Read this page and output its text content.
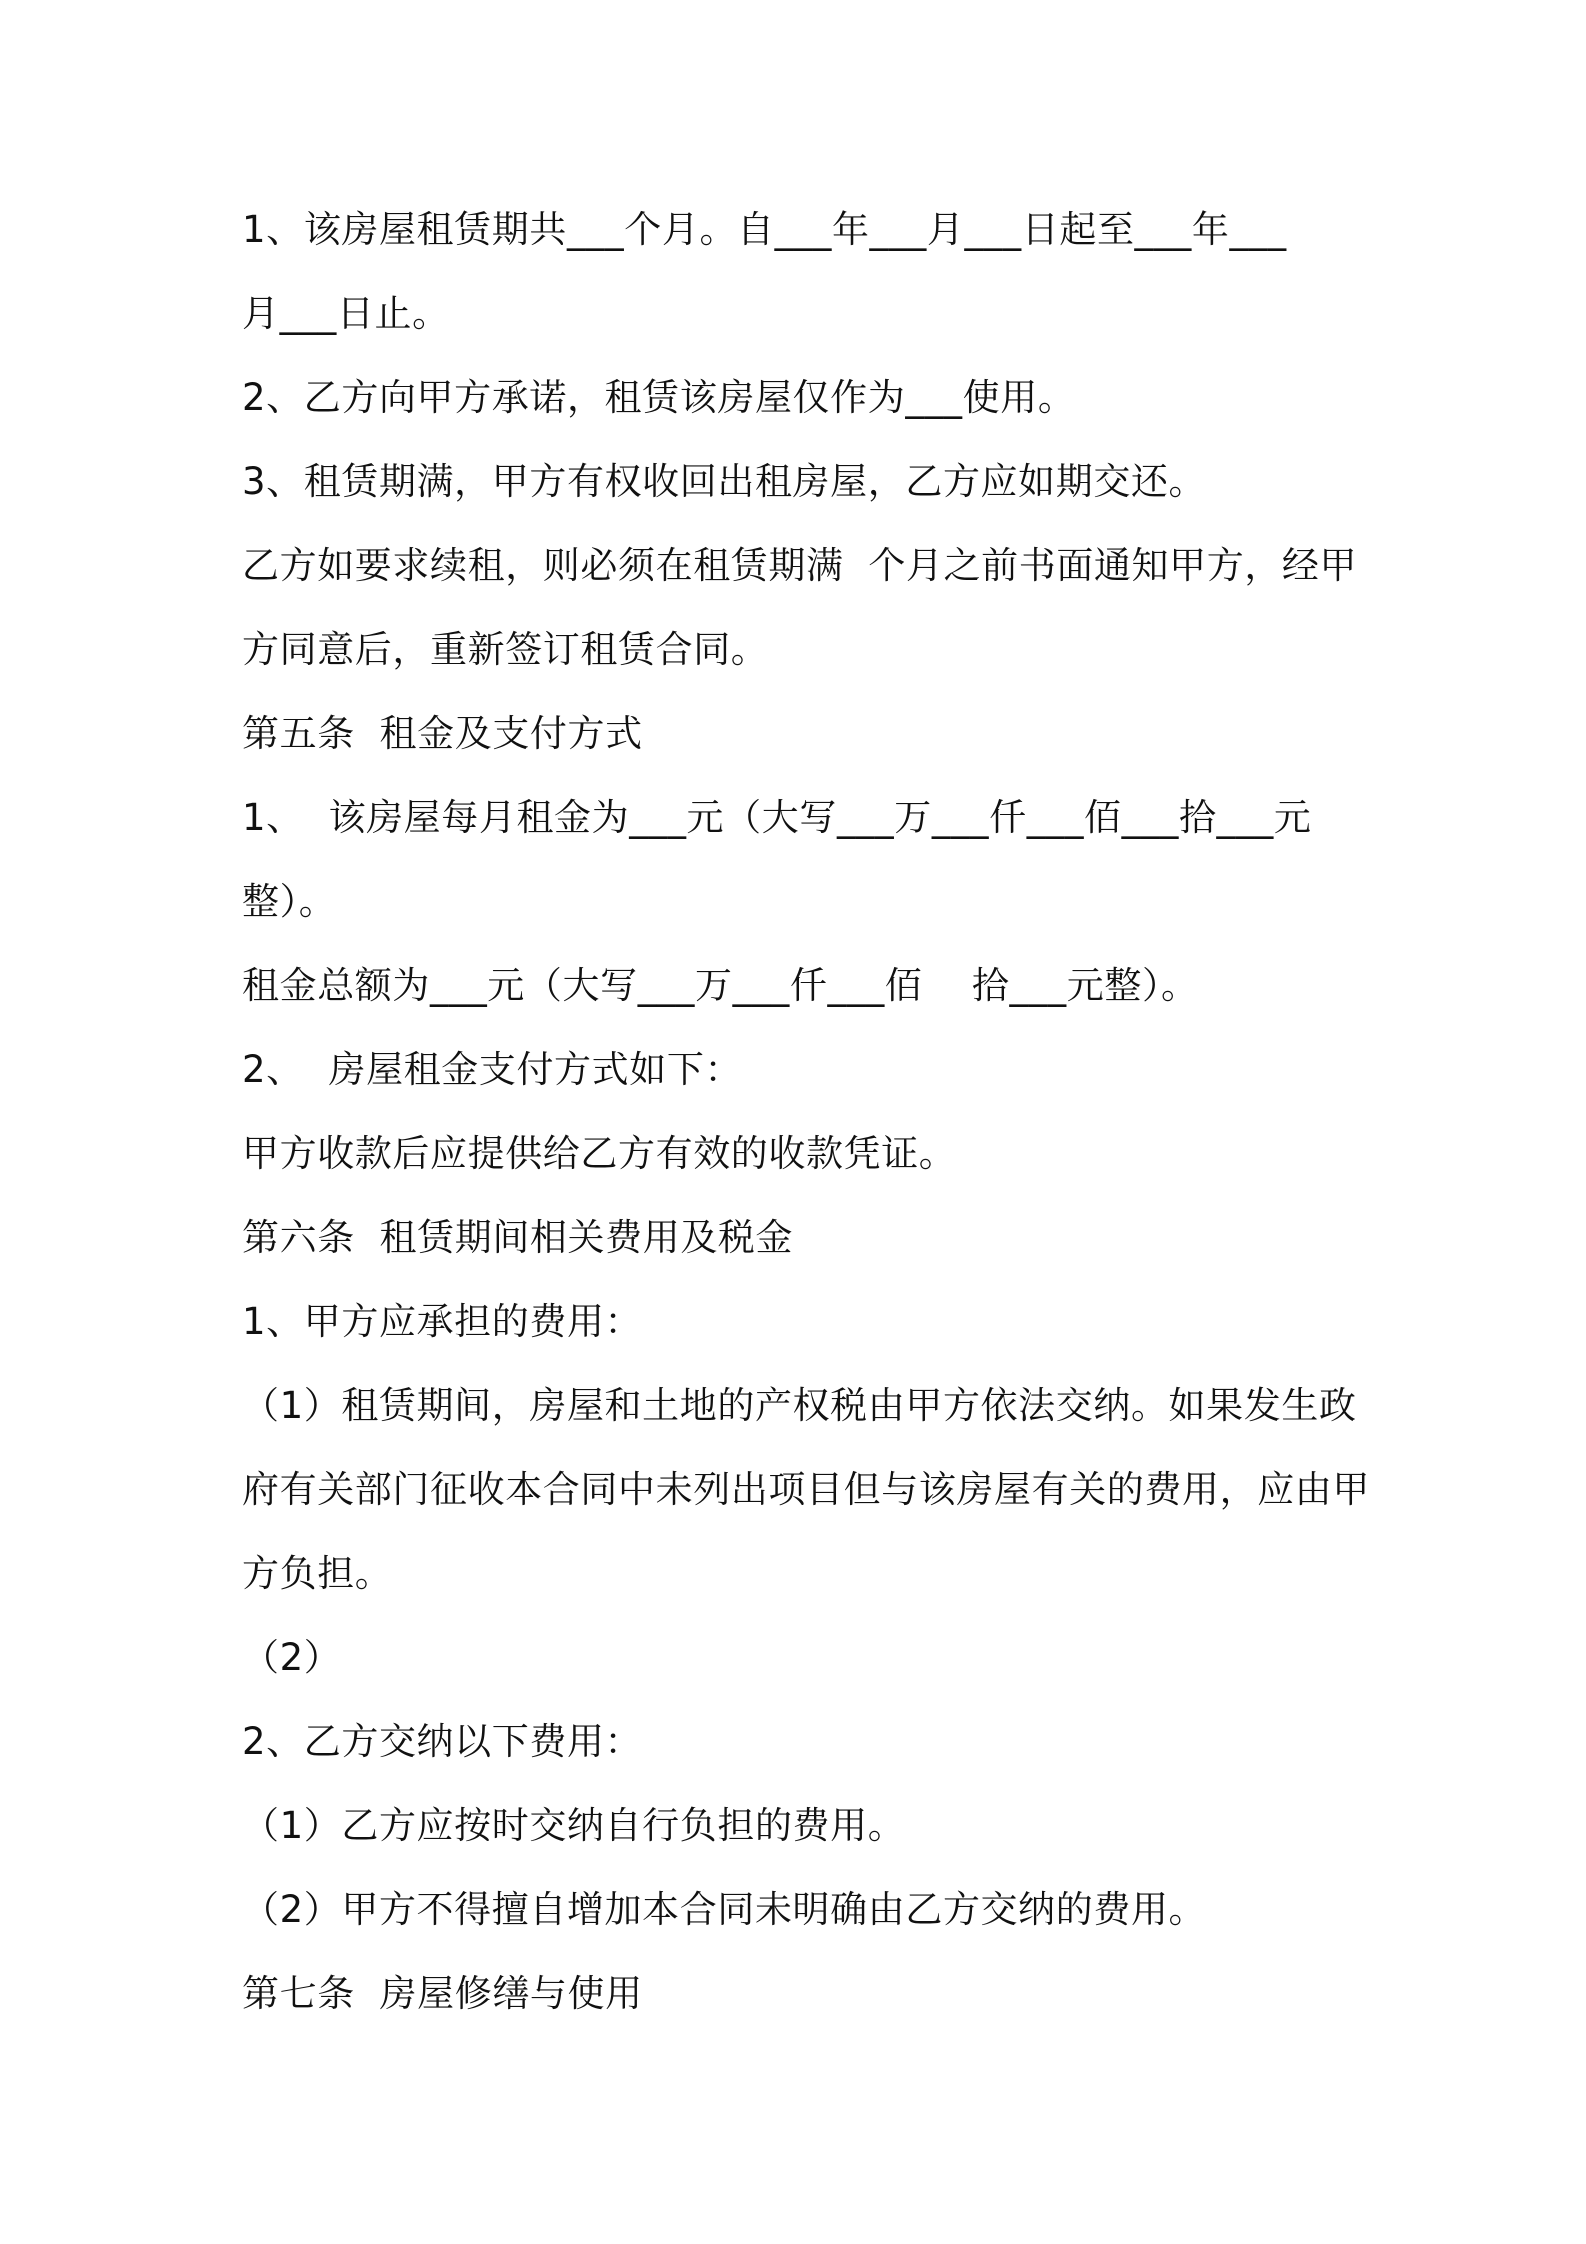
1、该房屋租赁期共___个月。自___年___月___日起至___年___

月___日止。

2、乙方向甲方承诺，租赁该房屋仅作为___使用。

3、租赁期满，甲方有权收回出租房屋，乙方应如期交还。

乙方如要求续租，则必须在租赁期满  个月之前书面通知甲方，经甲

方同意后，重新签订租赁合同。

第五条  租金及支付方式

1、  该房屋每月租金为___元（大写___万___仟___佰___拾___元

整）。

租金总额为___元（大写___万___仟___佰    拾___元整）。

2、  房屋租金支付方式如下：

甲方收款后应提供给乙方有效的收款凭证。

第六条  租赁期间相关费用及税金

1、甲方应承担的费用：

（1）租赁期间，房屋和土地的产权税由甲方依法交纳。如果发生政

府有关部门征收本合同中未列出项目但与该房屋有关的费用，应由甲

方负担。

（2）

2、乙方交纳以下费用：

（1）乙方应按时交纳自行负担的费用。

（2）甲方不得擅自增加本合同未明确由乙方交纳的费用。

第七条  房屋修缮与使用
